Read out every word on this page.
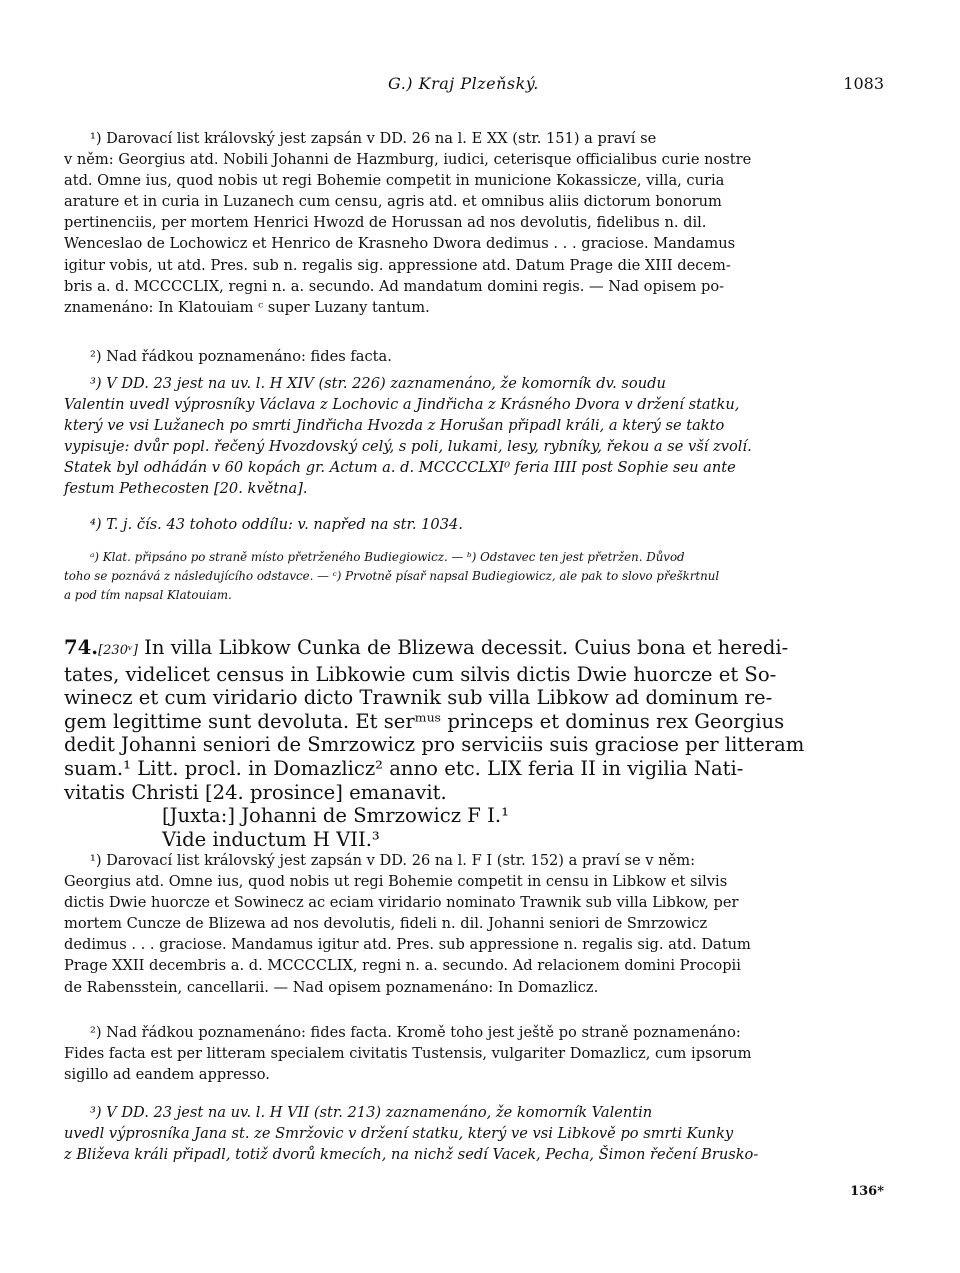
G.) Kraj Plzeňský.	1083
¹) Darovací list královský jest zapsán v DD. 26 na l. E XX (str. 151) a praví se
v něm: Georgius atd. Nobili Johanni de Hazmburg, iudici, ceterisque officialibus curie nostre
atd. Omne ius, quod nobis ut regi Bohemie competit in municione Kokassicze, villa, curia
arature et in curia in Luzanech cum censu, agris atd. et omnibus aliis dictorum bonorum
pertinenciis, per mortem Henrici Hwozd de Horussan ad nos devolutis, fidelibus n. dil.
Wenceslao de Lochowicz et Henrico de Krasneho Dwora dedimus . . . graciose. Mandamus
igitur vobis, ut atd. Pres. sub n. regalis sig. appressione atd. Datum Prage die XIII decem-
bris a. d. MCCCCLIX, regni n. a. secundo. Ad mandatum domini regis. — Nad opisem po-
znamenáno: In Klatouiam ᶜ super Luzany tantum.
²) Nad řádkou poznamenáno: fides facta.
³) V DD. 23 jest na uv. l. H XIV (str. 226) zaznamenáno, že komorník dv. soudu
Valentin uvedl výprosníky Václava z Lochovic a Jindřicha z Krásného Dvora v držení statku,
který ve vsi Lužanech po smrti Jindřicha Hvozda z Horušan připadl králi, a který se takto
vypisuje: dvůr popl. řečený Hvozdovský celý, s poli, lukami, lesy, rybníky, řekou a se vší zvolí.
Statek byl odhádán v 60 kopách gr. Actum a. d. MCCCCLXI⁰ feria IIII post Sophie seu ante
festum Pethecosten [20. května].
⁴) T. j. čís. 43 tohoto oddílu: v. napřed na str. 1034.
ᵃ) Klat. připsáno po straně místo přetrženého Budiegiowicz. — ᵇ) Odstavec ten jest přetržen. Důvod
toho se poznává z následujícího odstavce. — ᶜ) Prvotně písař napsal Budiegiowicz, ale pak to slovo přeškrtnul
a pod tím napsal Klatouiam.
74.[230ᵛ] In villa Libkow Cunka de Blizewa decessit. Cuius bona et heredi-
tates, videlicet census in Libkowie cum silvis dictis Dwie huorcze et So-
winecz et cum viridario dicto Trawnik sub villa Libkow ad dominum re-
gem legittime sunt devoluta. Et serᵐᵘˢ princeps et dominus rex Georgius
dedit Johanni seniori de Smrzowicz pro serviciis suis graciose per litteram
suam.¹ Litt. procl. in Domazlicz² anno etc. LIX feria II in vigilia Nati-
vitatis Christi [24. prosince] emanavit.
[Juxta:] Johanni de Smrzowicz F I.¹
Vide inductum H VII.³
¹) Darovací list královský jest zapsán v DD. 26 na l. F I (str. 152) a praví se v něm:
Georgius atd. Omne ius, quod nobis ut regi Bohemie competit in censu in Libkow et silvis
dictis Dwie huorcze et Sowinecz ac eciam viridario nominato Trawnik sub villa Libkow, per
mortem Cuncze de Blizewa ad nos devolutis, fideli n. dil. Johanni seniori de Smrzowicz
dedimus . . . graciose. Mandamus igitur atd. Pres. sub appressione n. regalis sig. atd. Datum
Prage XXII decembris a. d. MCCCCLIX, regni n. a. secundo. Ad relacionem domini Procopii
de Rabensstein, cancellarii. — Nad opisem poznamenáno: In Domazlicz.
²) Nad řádkou poznamenáno: fides facta. Kromě toho jest ještě po straně poznamenáno:
Fides facta est per litteram specialem civitatis Tustensis, vulgariter Domazlicz, cum ipsorum
sigillo ad eandem appresso.
³) V DD. 23 jest na uv. l. H VII (str. 213) zaznamenáno, že komorník Valentin
uvedl výprosníka Jana st. ze Smržovic v držení statku, který ve vsi Libkově po smrti Kunky
z Bliževa králi připadl, totiž dvorů kmecích, na nichž sedí Vacek, Pecha, Šimon řečení Brusko-
136*
